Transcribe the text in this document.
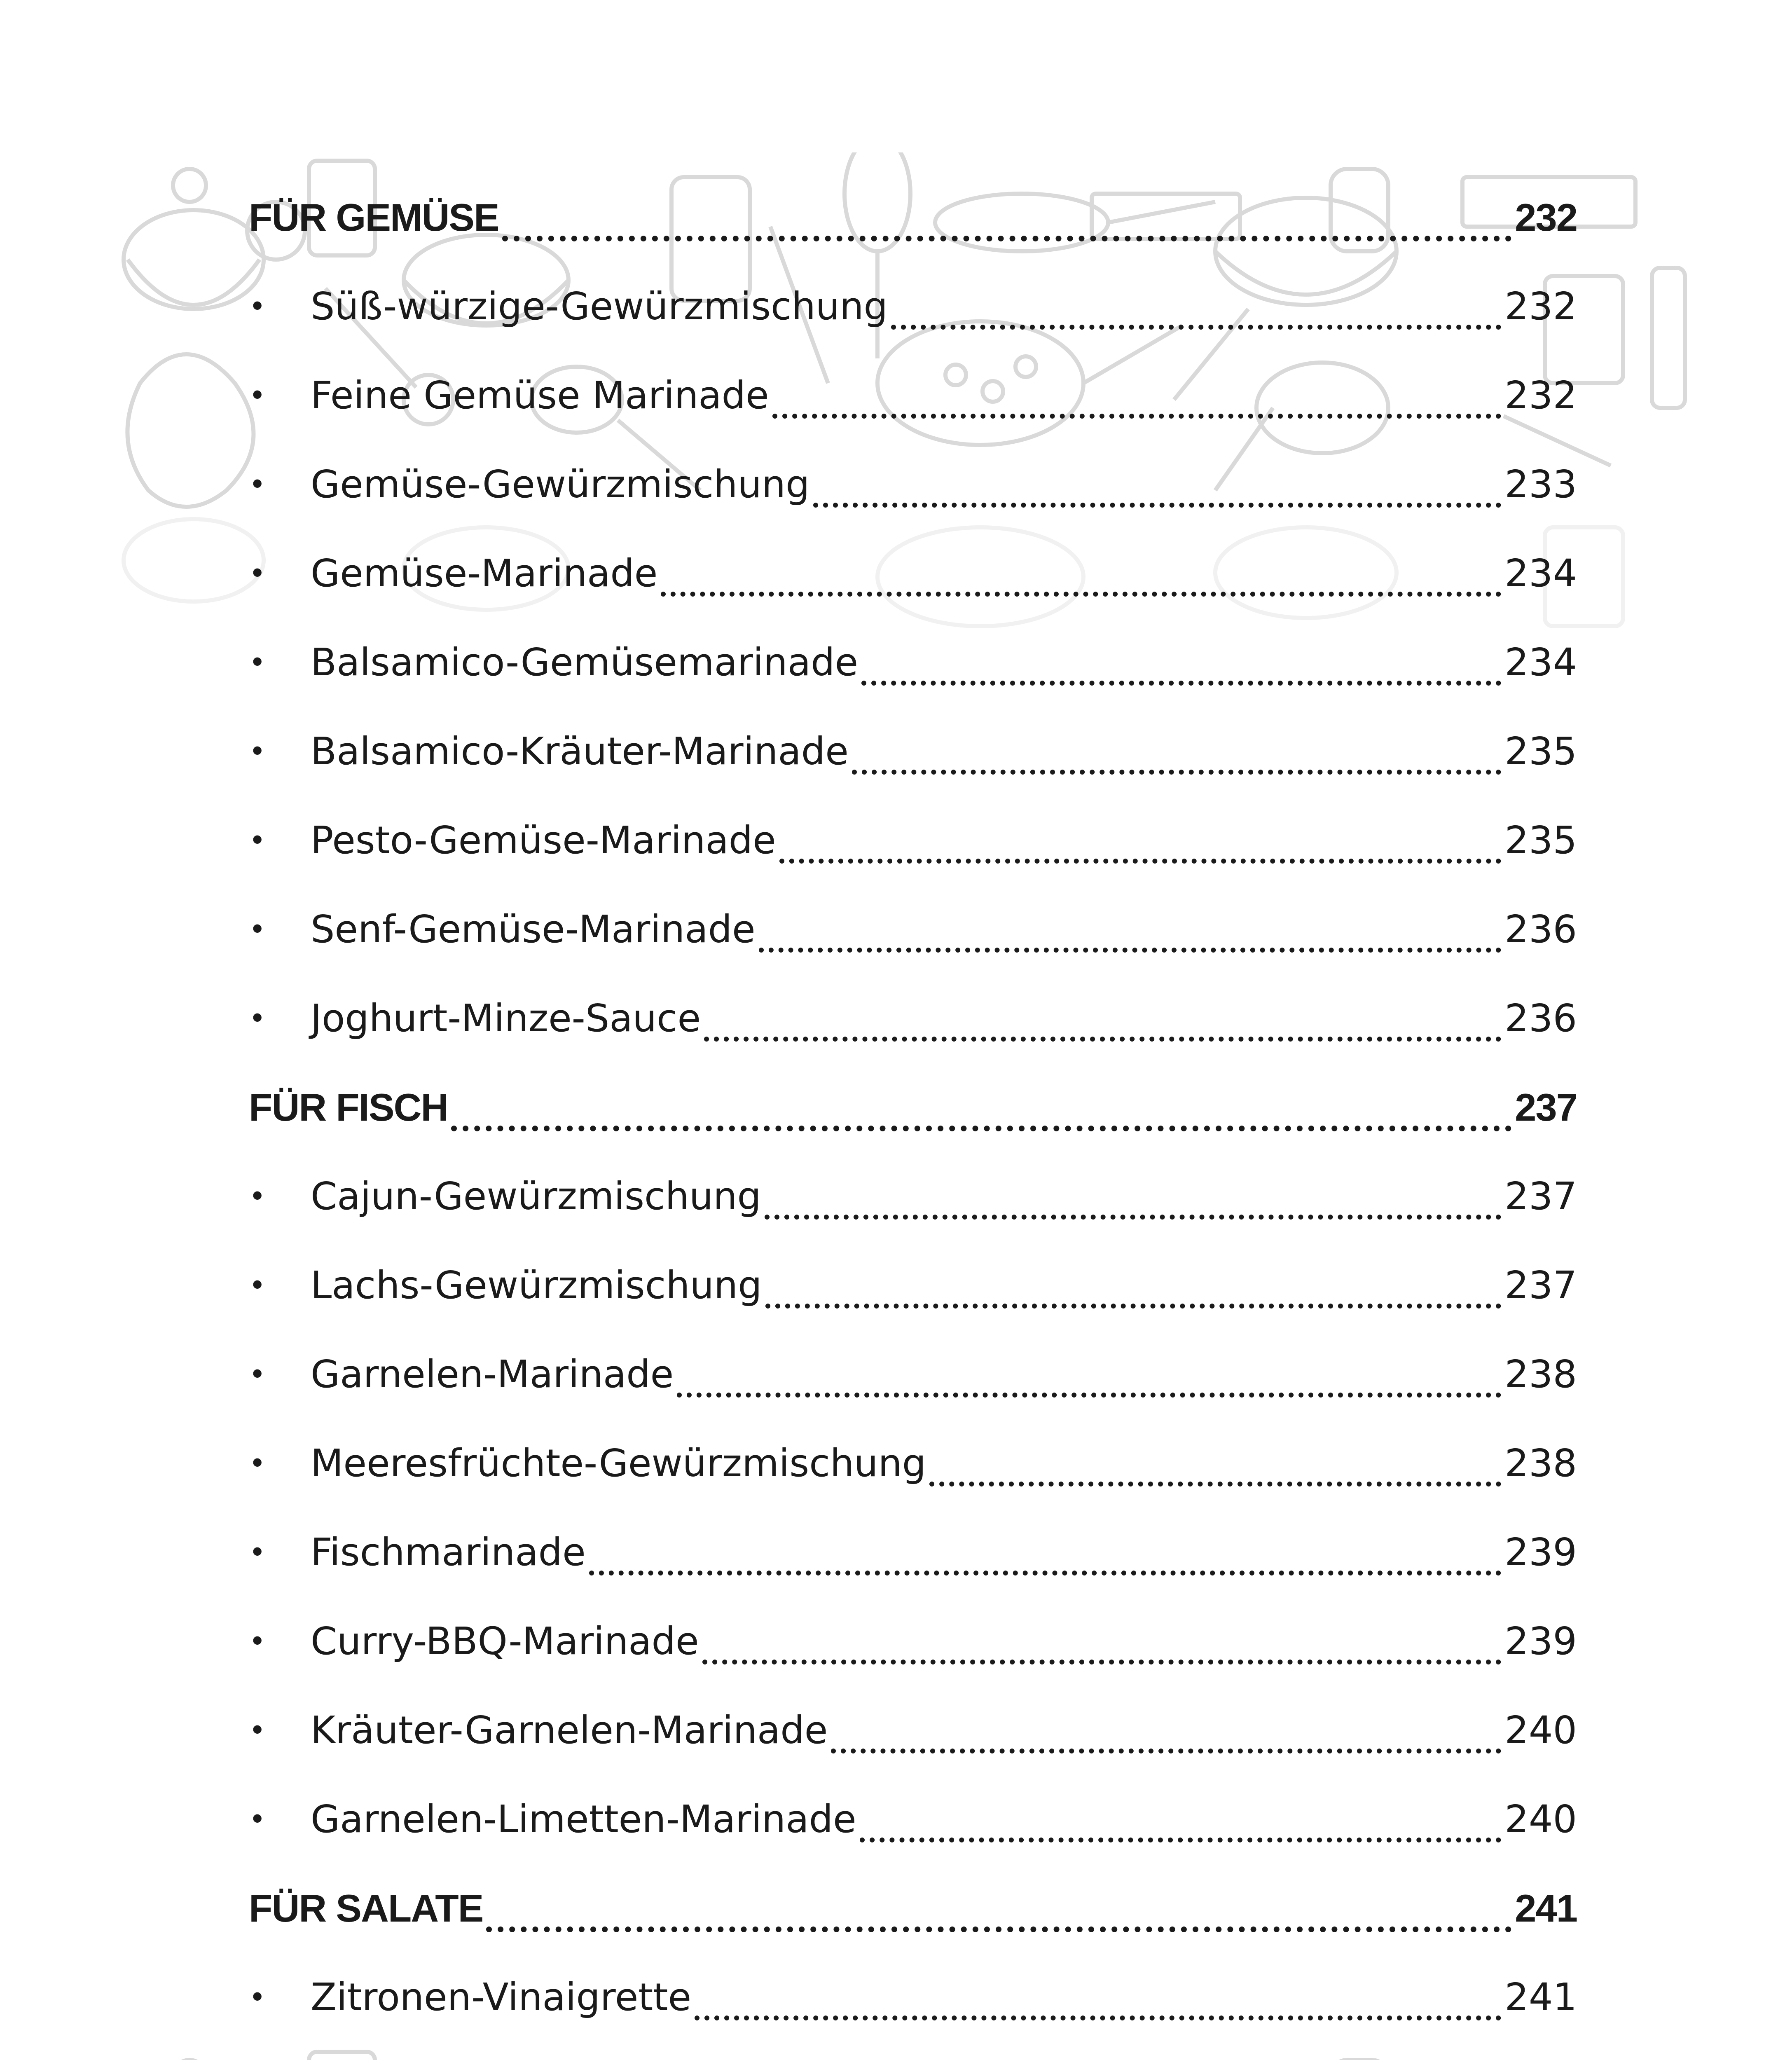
FÜR GEMÜSE	232
•	Süß-würzige-Gewürzmischung	232
•	Feine Gemüse Marinade	232
•	Gemüse-Gewürzmischung	233
•	Gemüse-Marinade	234
•	Balsamico-Gemüsemarinade	234
•	Balsamico-Kräuter-Marinade	235
•	Pesto-Gemüse-Marinade	235
•	Senf-Gemüse-Marinade	236
•	Joghurt-Minze-Sauce	236
FÜR FISCH	237
•	Cajun-Gewürzmischung	237
•	Lachs-Gewürzmischung	237
•	Garnelen-Marinade	238
•	Meeresfrüchte-Gewürzmischung	238
•	Fischmarinade	239
•	Curry-BBQ-Marinade	239
•	Kräuter-Garnelen-Marinade	240
•	Garnelen-Limetten-Marinade	240
FÜR SALATE	241
•	Zitronen-Vinaigrette	241
